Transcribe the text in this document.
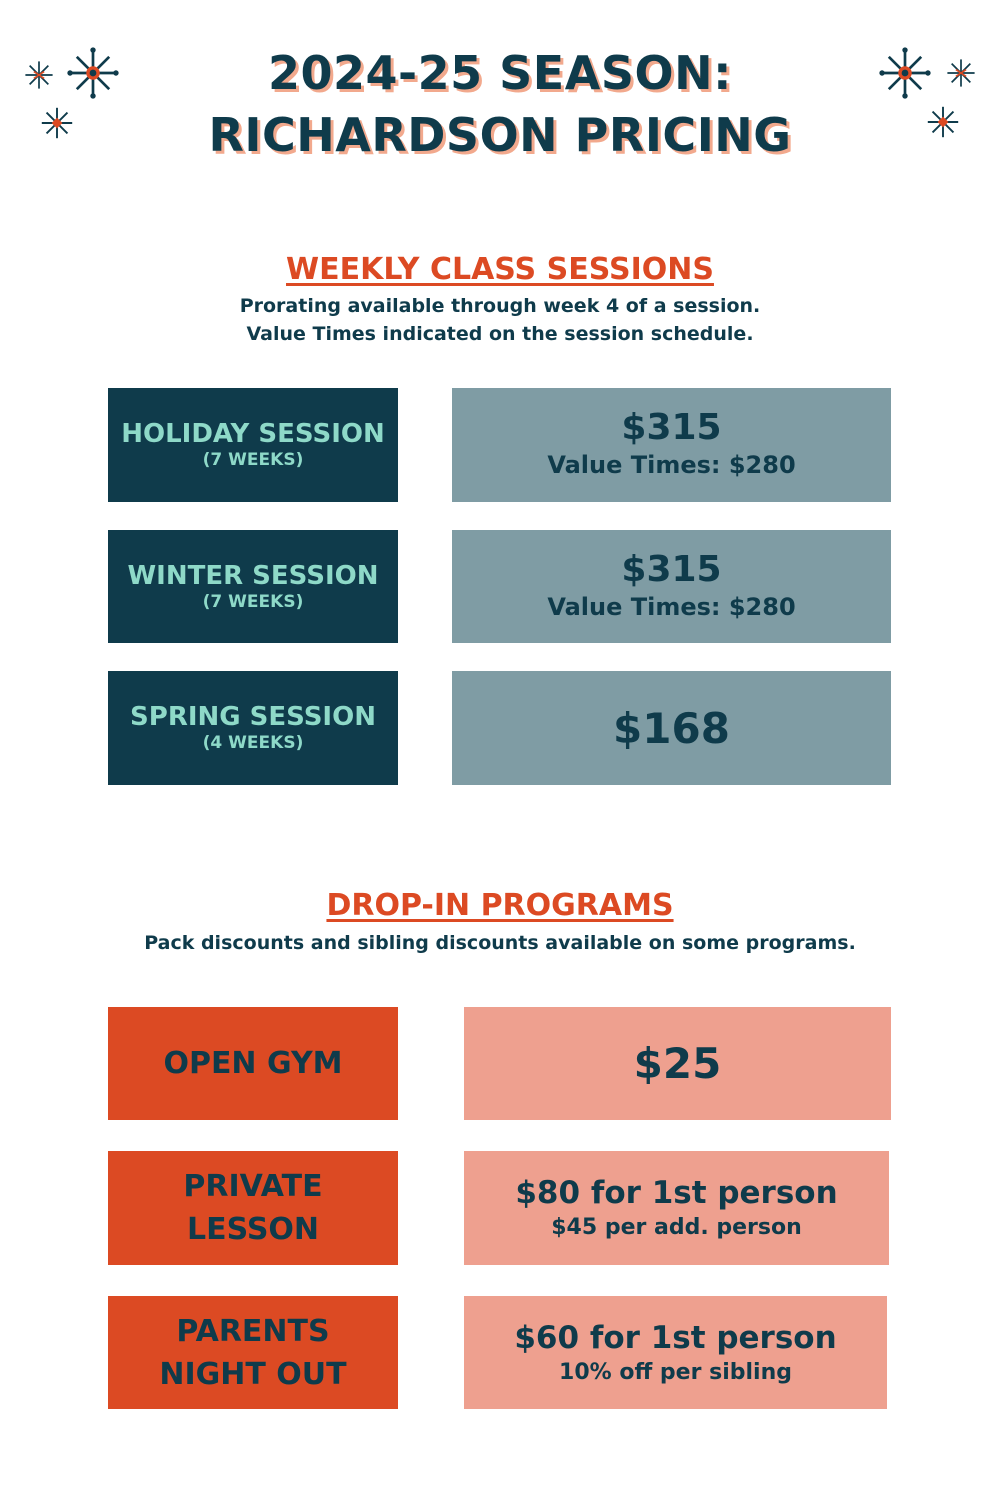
2024-25 SEASON:
RICHARDSON PRICING
WEEKLY CLASS SESSIONS
Prorating available through week 4 of a session.
Value Times indicated on the session schedule.
HOLIDAY SESSION
(7 WEEKS)
$315
Value Times: $280
WINTER SESSION
(7 WEEKS)
$315
Value Times: $280
SPRING SESSION
(4 WEEKS)	$168
DROP-IN PROGRAMS
Pack discounts and sibling discounts available on some programs.
OPEN GYM	$25
PRIVATE
LESSON
$80 for 1st person
$45 per add. person
PARENTS
NIGHT OUT
$60 for 1st person
10% off per sibling
